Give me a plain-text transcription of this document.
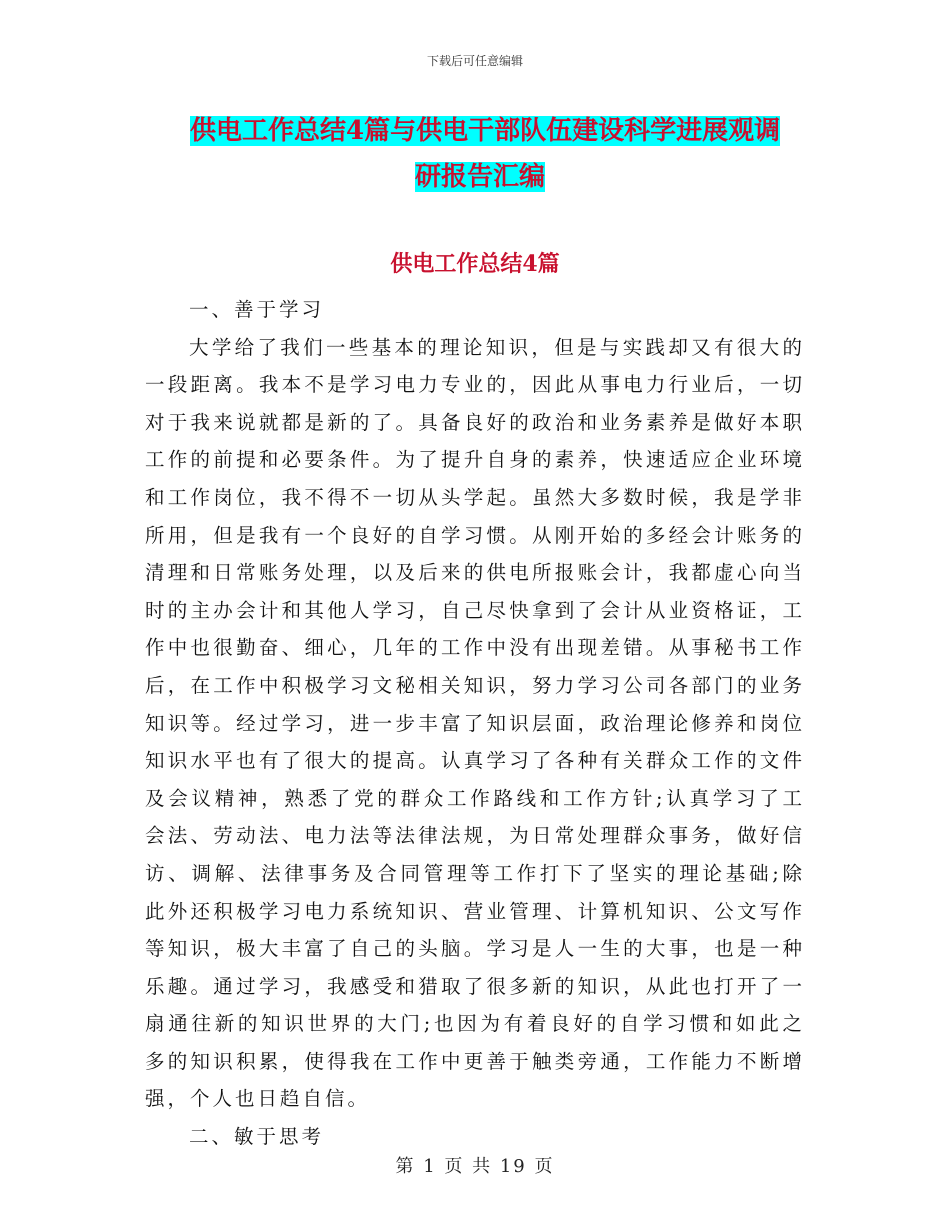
下载后可任意编辑
供电工作总结4篇与供电干部队伍建设科学进展观调
研报告汇编
供电工作总结4篇
一、善于学习

大学给了我们一些基本的理论知识，但是与实践却又有很大的一段距离。我本不是学习电力专业的，因此从事电力行业后，一切对于我来说就都是新的了。具备良好的政治和业务素养是做好本职工作的前提和必要条件。为了提升自身的素养，快速适应企业环境和工作岗位，我不得不一切从头学起。虽然大多数时候，我是学非所用，但是我有一个良好的自学习惯。从刚开始的多经会计账务的清理和日常账务处理，以及后来的供电所报账会计，我都虚心向当时的主办会计和其他人学习，自己尽快拿到了会计从业资格证，工作中也很勤奋、细心，几年的工作中没有出现差错。从事秘书工作后，在工作中积极学习文秘相关知识，努力学习公司各部门的业务知识等。经过学习，进一步丰富了知识层面，政治理论修养和岗位知识水平也有了很大的提高。认真学习了各种有关群众工作的文件及会议精神，熟悉了党的群众工作路线和工作方针;认真学习了工会法、劳动法、电力法等法律法规，为日常处理群众事务，做好信访、调解、法律事务及合同管理等工作打下了坚实的理论基础;除此外还积极学习电力系统知识、营业管理、计算机知识、公文写作等知识，极大丰富了自己的头脑。学习是人一生的大事，也是一种乐趣。通过学习，我感受和猎取了很多新的知识，从此也打开了一扇通往新的知识世界的大门;也因为有着良好的自学习惯和如此之多的知识积累，使得我在工作中更善于触类旁通，工作能力不断增强，个人也日趋自信。

二、敏于思考
第 1 页 共 19 页
